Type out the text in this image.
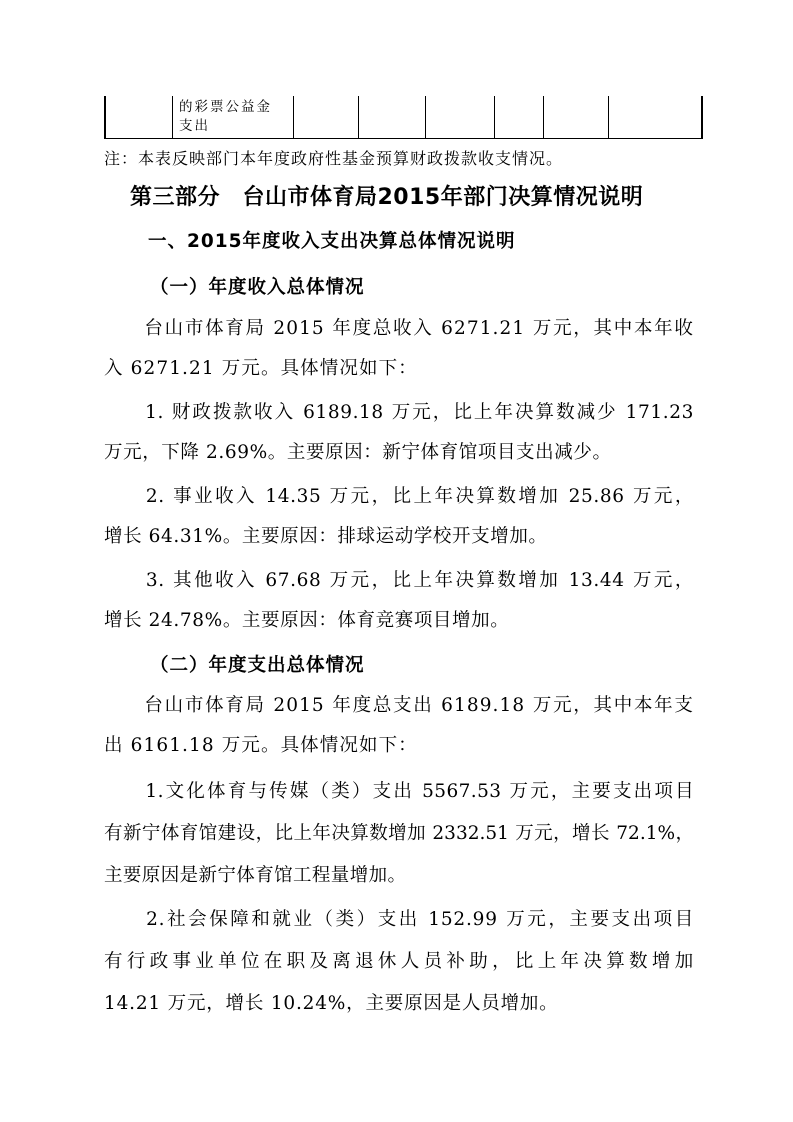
的彩票公益金
支出

注：本表反映部门本年度政府性基金预算财政拨款收支情况。
第三部分　台山市体育局2015年部门决算情况说明
一、2015年度收入支出决算总体情况说明
（一）年度收入总体情况
　　台山市体育局 2015 年度总收入 6271.21 万元，其中本年收
入 6271.21 万元。具体情况如下：
　　1. 财政拨款收入 6189.18 万元，比上年决算数减少 171.23
万元，下降 2.69%。主要原因：新宁体育馆项目支出减少。
　　2. 事业收入 14.35 万元，比上年决算数增加 25.86 万元，
增长 64.31%。主要原因：排球运动学校开支增加。
　　3. 其他收入 67.68 万元，比上年决算数增加 13.44 万元，
增长 24.78%。主要原因：体育竞赛项目增加。
（二）年度支出总体情况
　　台山市体育局 2015 年度总支出 6189.18 万元，其中本年支
出 6161.18 万元。具体情况如下：
　　1.文化体育与传媒（类）支出 5567.53 万元，主要支出项目
有新宁体育馆建设，比上年决算数增加 2332.51 万元，增长 72.1%，
主要原因是新宁体育馆工程量增加。
　　2.社会保障和就业（类）支出 152.99 万元，主要支出项目
有行政事业单位在职及离退休人员补助，比上年决算数增加
14.21 万元，增长 10.24%，主要原因是人员增加。
